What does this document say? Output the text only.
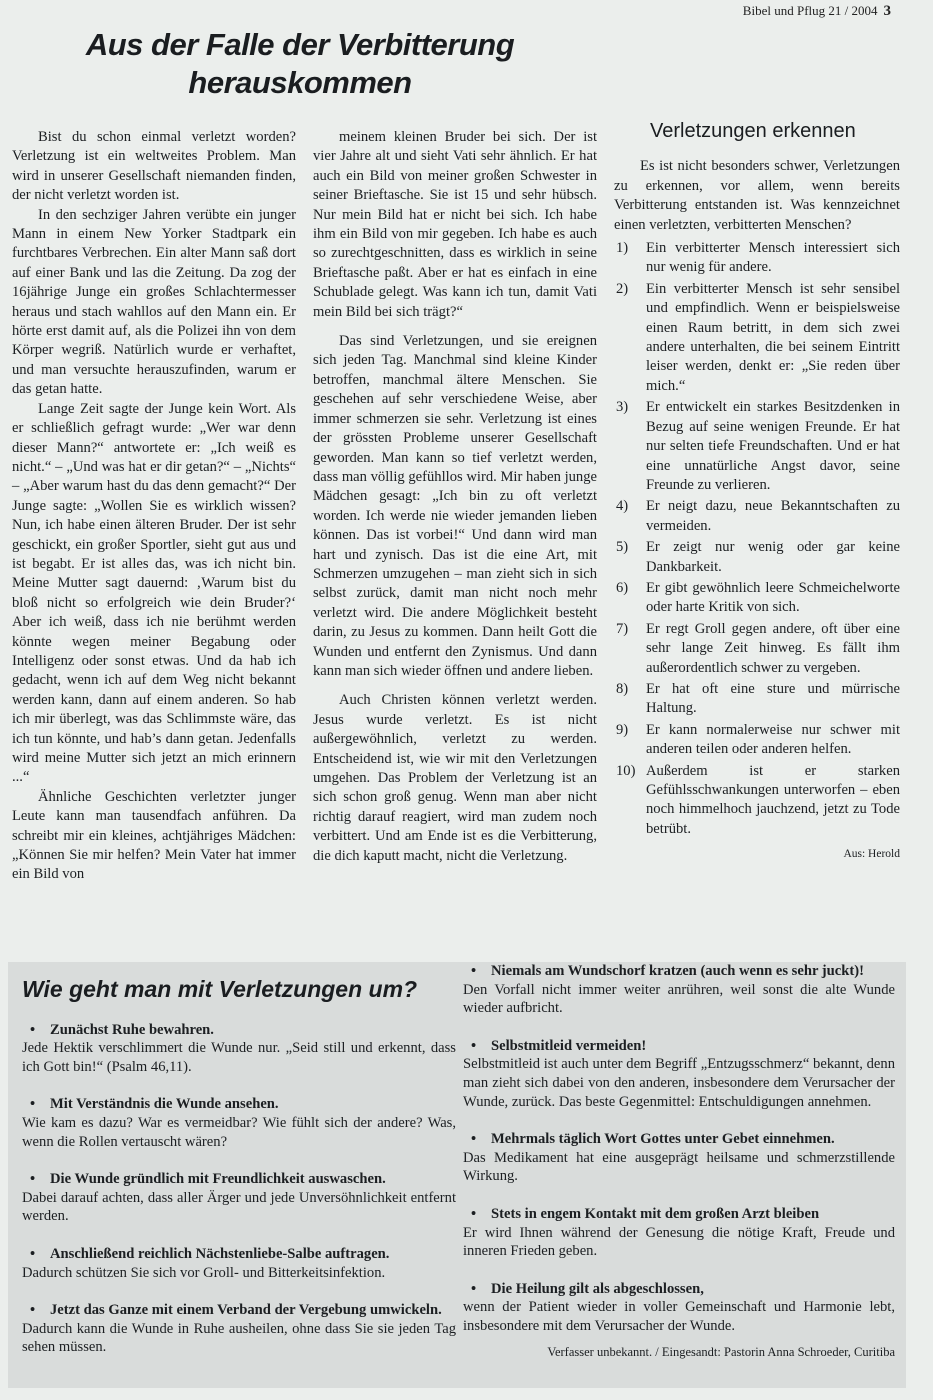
Bibel und Pflug 21 / 2004 3
Aus der Falle der Verbitterung
herauskommen

Bist du schon einmal verletzt worden? Verletzung ist ein weltweites Problem. Man wird in unserer Gesellschaft niemanden finden, der nicht verletzt worden ist.

In den sechziger Jahren verübte ein junger Mann in einem New Yorker Stadtpark ein furchtbares Verbrechen. Ein alter Mann saß dort auf einer Bank und las die Zeitung. Da zog der 16jährige Junge ein großes Schlachtermesser heraus und stach wahllos auf den Mann ein. Er hörte erst damit auf, als die Polizei ihn von dem Körper wegriß. Natürlich wurde er verhaftet, und man versuchte herauszufinden, warum er das getan hatte.

Lange Zeit sagte der Junge kein Wort. Als er schließlich gefragt wurde: „Wer war denn dieser Mann?“ antwortete er: „Ich weiß es nicht.“ – „Und was hat er dir getan?“ – „Nichts“ – „Aber warum hast du das denn gemacht?“ Der Junge sagte: „Wollen Sie es wirklich wissen? Nun, ich habe einen älteren Bruder. Der ist sehr geschickt, ein großer Sportler, sieht gut aus und ist begabt. Er ist alles das, was ich nicht bin. Meine Mutter sagt dauernd: ‚Warum bist du bloß nicht so erfolgreich wie dein Bruder?‘ Aber ich weiß, dass ich nie berühmt werden könnte wegen meiner Begabung oder Intelligenz oder sonst etwas. Und da hab ich gedacht, wenn ich auf dem Weg nicht bekannt werden kann, dann auf einem anderen. So hab ich mir überlegt, was das Schlimmste wäre, das ich tun könnte, und hab’s dann getan. Jedenfalls wird meine Mutter sich jetzt an mich erinnern ...“

Ähnliche Geschichten verletzter junger Leute kann man tausendfach anführen. Da schreibt mir ein kleines, achtjähriges Mädchen: „Können Sie mir helfen? Mein Vater hat immer ein Bild von

meinem kleinen Bruder bei sich. Der ist vier Jahre alt und sieht Vati sehr ähnlich. Er hat auch ein Bild von meiner großen Schwester in seiner Brieftasche. Sie ist 15 und sehr hübsch. Nur mein Bild hat er nicht bei sich. Ich habe ihm ein Bild von mir gegeben. Ich habe es auch so zurechtgeschnitten, dass es wirklich in seine Brieftasche paßt. Aber er hat es einfach in eine Schublade gelegt. Was kann ich tun, damit Vati mein Bild bei sich trägt?“

Das sind Verletzungen, und sie ereignen sich jeden Tag. Manchmal sind kleine Kinder betroffen, manchmal ältere Menschen. Sie geschehen auf sehr verschiedene Weise, aber immer schmerzen sie sehr. Verletzung ist eines der grössten Probleme unserer Gesellschaft geworden. Man kann so tief verletzt werden, dass man völlig gefühllos wird. Mir haben junge Mädchen gesagt: „Ich bin zu oft verletzt worden. Ich werde nie wieder jemanden lieben können. Das ist vorbei!“ Und dann wird man hart und zynisch. Das ist die eine Art, mit Schmerzen umzugehen – man zieht sich in sich selbst zurück, damit man nicht noch mehr verletzt wird. Die andere Möglichkeit besteht darin, zu Jesus zu kommen. Dann heilt Gott die Wunden und entfernt den Zynismus. Und dann kann man sich wieder öffnen und andere lieben.

Auch Christen können verletzt werden. Jesus wurde verletzt. Es ist nicht außergewöhnlich, verletzt zu werden. Entscheidend ist, wie wir mit den Verletzungen umgehen. Das Problem der Verletzung ist an sich schon groß genug. Wenn man aber nicht richtig darauf reagiert, wird man zudem noch verbittert. Und am Ende ist es die Verbitterung, die dich kaputt macht, nicht die Verletzung.

Verletzungen erkennen

Es ist nicht besonders schwer, Verletzungen zu erkennen, vor allem, wenn bereits Verbitterung entstanden ist. Was kennzeichnet einen verletzten, verbitterten Menschen?

1) Ein verbitterter Mensch interessiert sich nur wenig für andere.
2) Ein verbitterter Mensch ist sehr sensibel und empfindlich. Wenn er beispielsweise einen Raum betritt, in dem sich zwei andere unterhalten, die bei seinem Eintritt leiser werden, denkt er: „Sie reden über mich.“
3) Er entwickelt ein starkes Besitzdenken in Bezug auf seine wenigen Freunde. Er hat nur selten tiefe Freundschaften. Und er hat eine unnatürliche Angst davor, seine Freunde zu verlieren.
4) Er neigt dazu, neue Bekanntschaften zu vermeiden.
5) Er zeigt nur wenig oder gar keine Dankbarkeit.
6) Er gibt gewöhnlich leere Schmeichelworte oder harte Kritik von sich.
7) Er regt Groll gegen andere, oft über eine sehr lange Zeit hinweg. Es fällt ihm außerordentlich schwer zu vergeben.
8) Er hat oft eine sture und mürrische Haltung.
9) Er kann normalerweise nur schwer mit anderen teilen oder anderen helfen.
10) Außerdem ist er starken Gefühlsschwankungen unterworfen – eben noch himmelhoch jauchzend, jetzt zu Tode betrübt.
Aus: Herold
Wie geht man mit Verletzungen um?
• Zunächst Ruhe bewahren.
Jede Hektik verschlimmert die Wunde nur. „Seid still und erkennt, dass ich Gott bin!“ (Psalm 46,11).
• Mit Verständnis die Wunde ansehen.
Wie kam es dazu? War es vermeidbar? Wie fühlt sich der andere? Was, wenn die Rollen vertauscht wären?
• Die Wunde gründlich mit Freundlichkeit auswaschen.
Dabei darauf achten, dass aller Ärger und jede Unversöhnlichkeit entfernt werden.
• Anschließend reichlich Nächstenliebe-Salbe auftragen.
Dadurch schützen Sie sich vor Groll- und Bitterkeitsinfektion.
• Jetzt das Ganze mit einem Verband der Vergebung umwickeln.
Dadurch kann die Wunde in Ruhe ausheilen, ohne dass Sie sie jeden Tag sehen müssen.
• Niemals am Wundschorf kratzen (auch wenn es sehr juckt)!
Den Vorfall nicht immer weiter anrühren, weil sonst die alte Wunde wieder aufbricht.
• Selbstmitleid vermeiden!
Selbstmitleid ist auch unter dem Begriff „Entzugsschmerz“ bekannt, denn man zieht sich dabei von den anderen, insbesondere dem Verursacher der Wunde, zurück. Das beste Gegenmittel: Entschuldigungen annehmen.
• Mehrmals täglich Wort Gottes unter Gebet einnehmen.
Das Medikament hat eine ausgeprägt heilsame und schmerzstillende Wirkung.
• Stets in engem Kontakt mit dem großen Arzt bleiben
Er wird Ihnen während der Genesung die nötige Kraft, Freude und inneren Frieden geben.
• Die Heilung gilt als abgeschlossen,
wenn der Patient wieder in voller Gemeinschaft und Harmonie lebt, insbesondere mit dem Verursacher der Wunde.
Verfasser unbekannt. / Eingesandt: Pastorin Anna Schroeder, Curitiba
